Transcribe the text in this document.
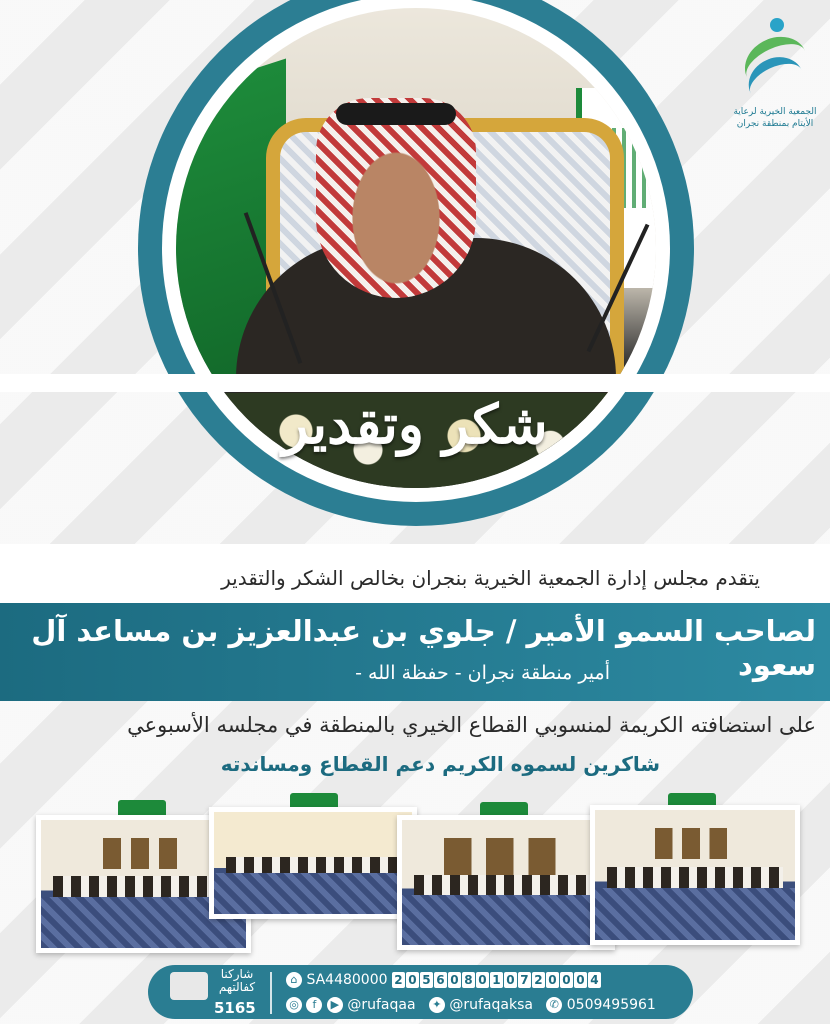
شكر وتقدير
الجمعية الخيرية لرعاية
الأيتام بمنطقة نجران
يتقدم مجلس إدارة الجمعية الخيرية بنجران بخالص الشكر والتقدير
لصاحب السمو الأمير / جلوي بن عبدالعزيز بن مساعد آل سعود
أمير منطقة نجران - حفظة الله -
على استضافته الكريمة لمنسوبي القطاع الخيري بالمنطقة في مجلسه الأسبوعي
شاكرين لسموه الكريم دعم القطاع ومساندته
شاركنا
كفالتهم
5165
⌂ SA4480000 2 0 5 6 0 8 0 1 0 7 2 0 0 0 4
◎ f ▶ @rufaqaa ✦ @rufaqaksa ✆ 0509495961
